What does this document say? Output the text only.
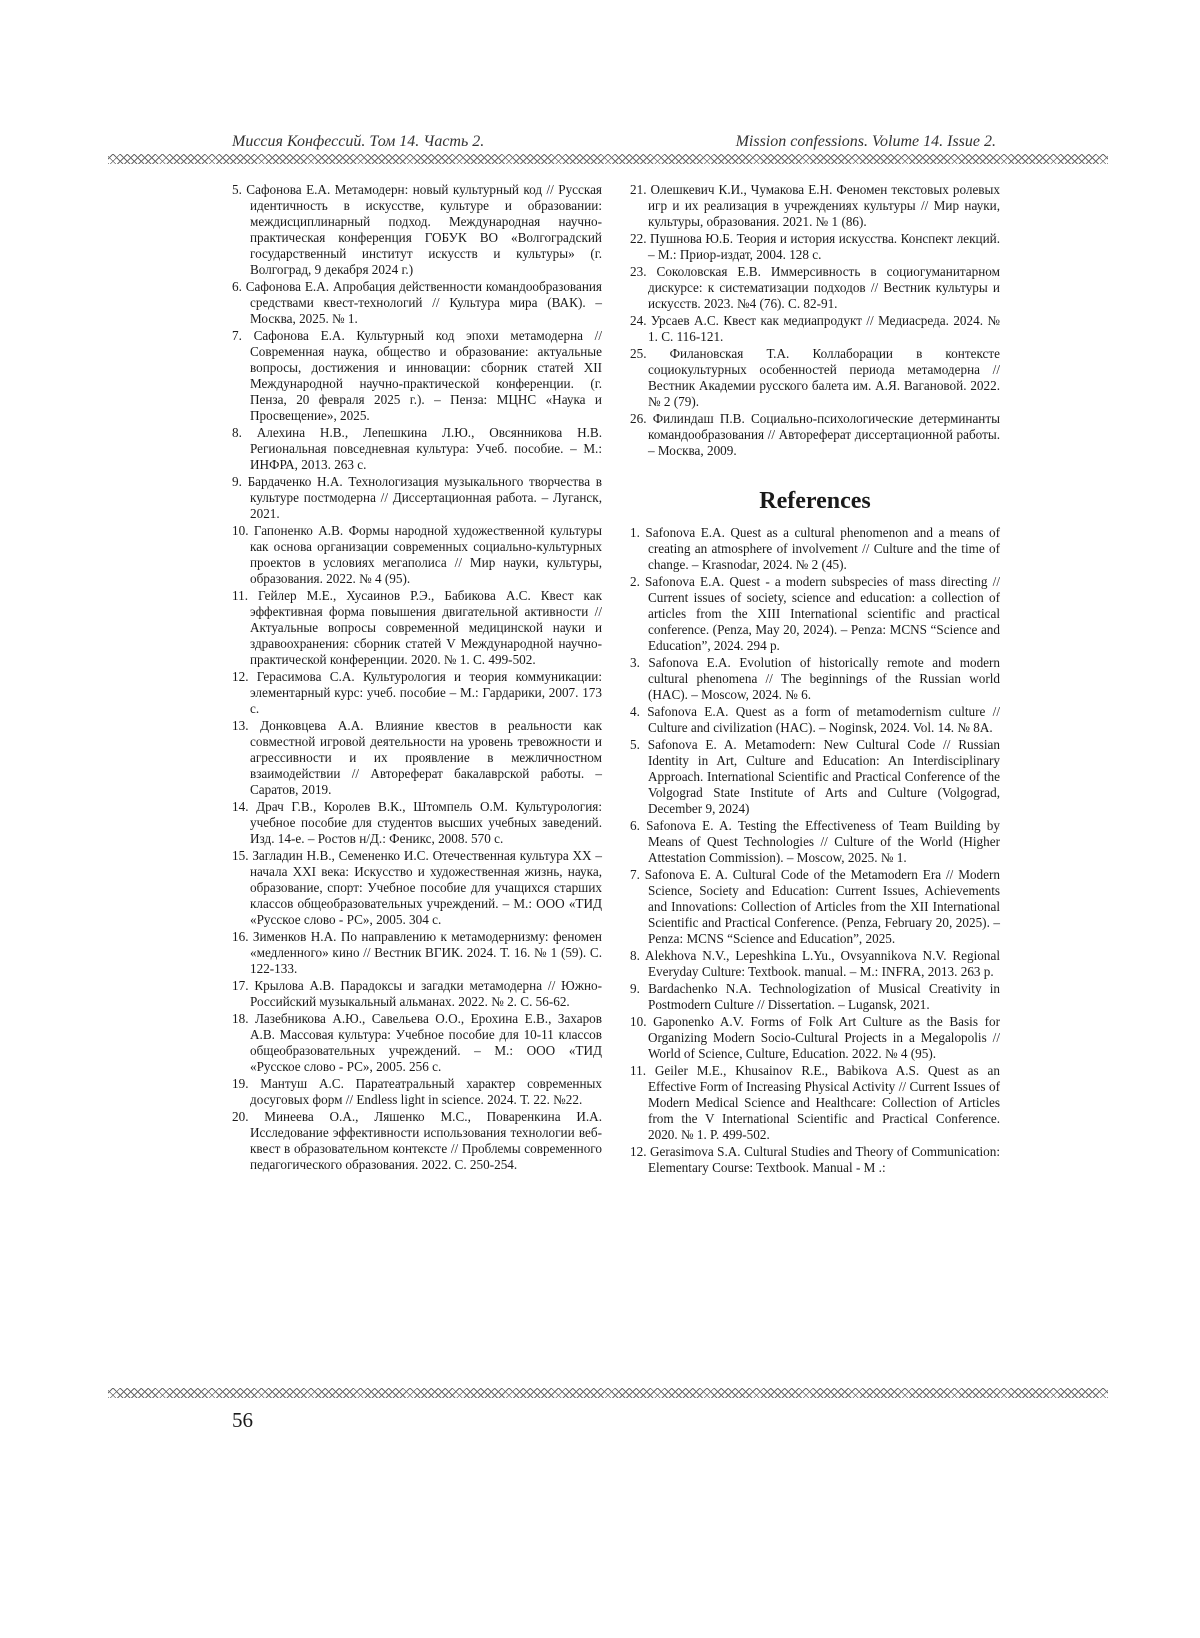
Миссия Конфессий. Том 14. Часть 2.	Mission confessions. Volume 14. Issue 2.

5. Сафонова Е.А. Метамодерн: новый культурный код // Русская идентичность в искусстве, культуре и образовании: междисциплинарный подход. Международная научно-практическая конференция ГОБУК ВО «Волгоградский государственный институт искусств и культуры» (г. Волгоград, 9 декабря 2024 г.)

6. Сафонова Е.А. Апробация действенности командообразования средствами квест-технологий // Культура мира (ВАК). – Москва, 2025. № 1.

7. Сафонова Е.А. Культурный код эпохи метамодерна // Современная наука, общество и образование: актуальные вопросы, достижения и инновации: сборник статей XII Международной научно-практической конференции. (г. Пенза, 20 февраля 2025 г.). – Пенза: МЦНС «Наука и Просвещение», 2025.

8. Алехина Н.В., Лепешкина Л.Ю., Овсянникова Н.В. Региональная повседневная культура: Учеб. пособие. – М.: ИНФРА, 2013. 263 с.

9. Бардаченко Н.А. Технологизация музыкального творчества в культуре постмодерна // Диссертационная работа. – Луганск, 2021.

10. Гапоненко А.В. Формы народной художественной культуры как основа организации современных социально-культурных проектов в условиях мегаполиса // Мир науки, культуры, образования. 2022. № 4 (95).

11. Гейлер М.Е., Хусаинов Р.Э., Бабикова А.С. Квест как эффективная форма повышения двигательной активности // Актуальные вопросы современной медицинской науки и здравоохранения: сборник статей V Международной научно-практической конференции. 2020. № 1. С. 499-502.

12. Герасимова С.А. Культурология и теория коммуникации: элементарный курс: учеб. пособие – М.: Гардарики, 2007. 173 с.

13. Донковцева А.А. Влияние квестов в реальности как совместной игровой деятельности на уровень тревожности и агрессивности и их проявление в межличностном взаимодействии // Автореферат бакалаврской работы. – Саратов, 2019.

14. Драч Г.В., Королев В.К., Штомпель О.М. Культурология: учебное пособие для студентов высших учебных заведений. Изд. 14-е. – Ростов н/Д.: Феникс, 2008. 570 с.

15. Загладин Н.В., Семененко И.С. Отечественная культура XX – начала XXI века: Искусство и художественная жизнь, наука, образование, спорт: Учебное пособие для учащихся старших классов общеобразовательных учреждений. – М.: ООО «ТИД «Русское слово - РС», 2005. 304 с.

16. Зименков Н.А. По направлению к метамодернизму: феномен «медленного» кино // Вестник ВГИК. 2024. Т. 16. № 1 (59). С. 122-133.

17. Крылова А.В. Парадоксы и загадки метамодерна // Южно-Российский музыкальный альманах. 2022. № 2. С. 56-62.

18. Лазебникова А.Ю., Савельева О.О., Ерохина Е.В., Захаров А.В. Массовая культура: Учебное пособие для 10-11 классов общеобразовательных учреждений. – М.: ООО «ТИД «Русское слово - РС», 2005. 256 с.

19. Мантуш А.С. Паратеатральный характер современных досуговых форм // Endless light in science. 2024. Т. 22. №22.

20. Минеева О.А., Ляшенко М.С., Поваренкина И.А. Исследование эффективности использования технологии веб-квест в образовательном контексте // Проблемы современного педагогического образования. 2022. С. 250-254.

21. Олешкевич К.И., Чумакова Е.Н. Феномен текстовых ролевых игр и их реализация в учреждениях культуры // Мир науки, культуры, образования. 2021. № 1 (86).

22. Пушнова Ю.Б. Теория и история искусства. Конспект лекций. – М.: Приор-издат, 2004. 128 с.

23. Соколовская Е.В. Иммерсивность в социогуманитарном дискурсе: к систематизации подходов // Вестник культуры и искусств. 2023. №4 (76). С. 82-91.

24. Урсаев А.С. Квест как медиапродукт // Медиасреда. 2024. № 1. С. 116-121.

25. Филановская Т.А. Коллаборации в контексте социокультурных особенностей периода метамодерна // Вестник Академии русского балета им. А.Я. Вагановой. 2022. № 2 (79).

26. Филиндаш П.В. Социально-психологические детерминанты командообразования // Автореферат диссертационной работы. – Москва, 2009.

References

1. Safonova E.A. Quest as a cultural phenomenon and a means of creating an atmosphere of involvement // Culture and the time of change. – Krasnodar, 2024. № 2 (45).

2. Safonova E.A. Quest - a modern subspecies of mass directing // Current issues of society, science and education: a collection of articles from the XIII International scientific and practical conference. (Penza, May 20, 2024). – Penza: MCNS “Science and Education”, 2024. 294 p.

3. Safonova E.A. Evolution of historically remote and modern cultural phenomena // The beginnings of the Russian world (HAC). – Moscow, 2024. № 6.

4. Safonova E.A. Quest as a form of metamodernism culture // Culture and civilization (HAC). – Noginsk, 2024. Vol. 14. № 8A.

5. Safonova E. A. Metamodern: New Cultural Code // Russian Identity in Art, Culture and Education: An Interdisciplinary Approach. International Scientific and Practical Conference of the Volgograd State Institute of Arts and Culture (Volgograd, December 9, 2024)

6. Safonova E. A. Testing the Effectiveness of Team Building by Means of Quest Technologies // Culture of the World (Higher Attestation Commission). – Moscow, 2025. № 1.

7. Safonova E. A. Cultural Code of the Metamodern Era // Modern Science, Society and Education: Current Issues, Achievements and Innovations: Collection of Articles from the XII International Scientific and Practical Conference. (Penza, February 20, 2025). – Penza: MCNS “Science and Education”, 2025.

8. Alekhova N.V., Lepeshkina L.Yu., Ovsyannikova N.V. Regional Everyday Culture: Textbook. manual. – M.: INFRA, 2013. 263 p.

9. Bardachenko N.A. Technologization of Musical Creativity in Postmodern Culture // Dissertation. – Lugansk, 2021.

10. Gaponenko A.V. Forms of Folk Art Culture as the Basis for Organizing Modern Socio-Cultural Projects in a Megalopolis // World of Science, Culture, Education. 2022. № 4 (95).

11. Geiler M.E., Khusainov R.E., Babikova A.S. Quest as an Effective Form of Increasing Physical Activity // Current Issues of Modern Medical Science and Healthcare: Collection of Articles from the V International Scientific and Practical Conference. 2020. № 1. P. 499-502.

12. Gerasimova S.A. Cultural Studies and Theory of Communication: Elementary Course: Textbook. Manual - M .:

56
